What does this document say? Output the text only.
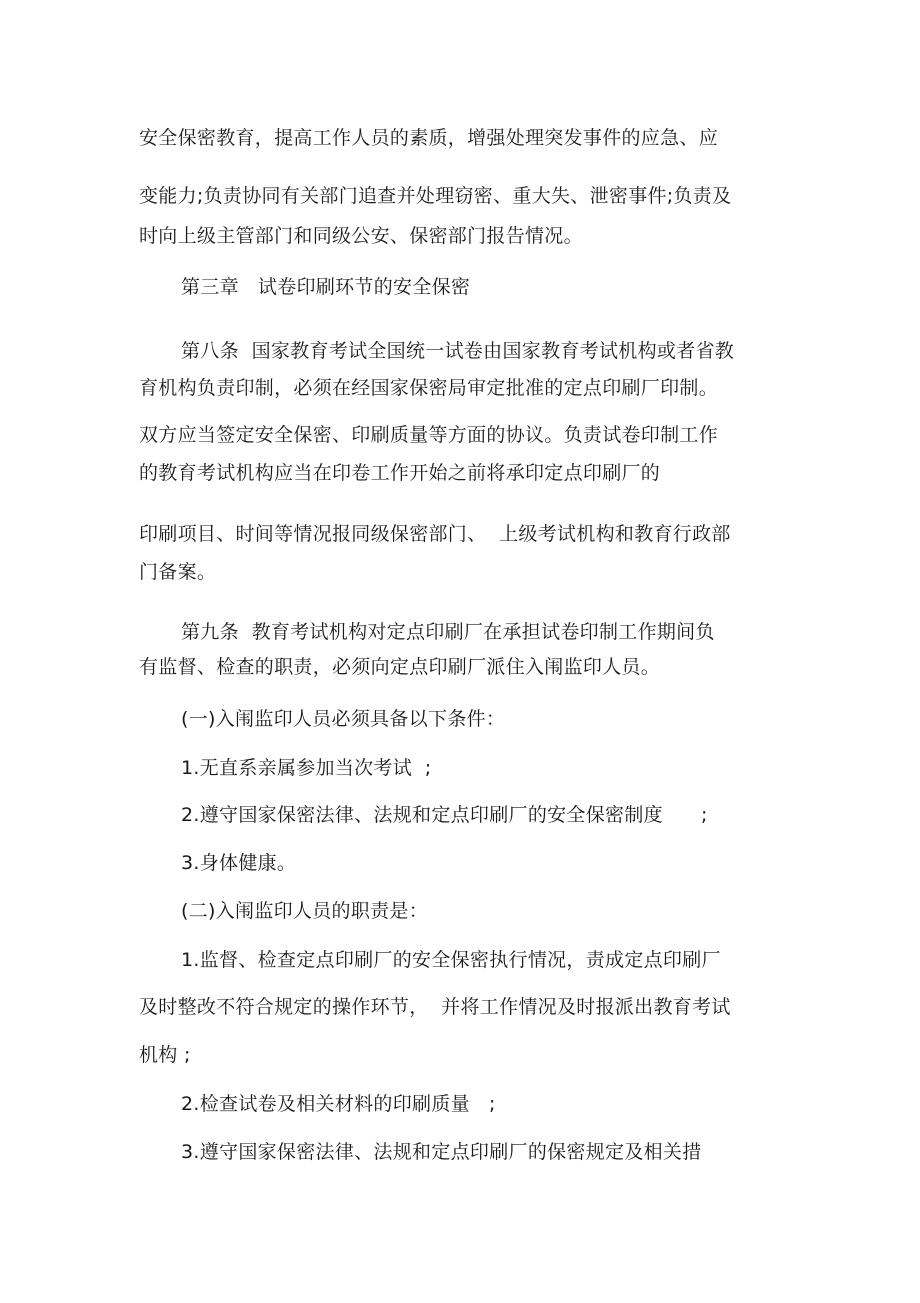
安全保密教育，提高工作人员的素质，增强处理突发事件的应急、应
变能力;负责协同有关部门追查并处理窃密、重大失、泄密事件;负责及
时向上级主管部门和同级公安、保密部门报告情况。
第三章   试卷印刷环节的安全保密
第八条  国家教育考试全国统一试卷由国家教育考试机构或者省教
育机构负责印制，必须在经国家保密局审定批准的定点印刷厂印制。
双方应当签定安全保密、印刷质量等方面的协议。负责试卷印制工作
的教育考试机构应当在印卷工作开始之前将承印定点印刷厂的
印刷项目、时间等情况报同级保密部门、  上级考试机构和教育行政部
门备案。
第九条  教育考试机构对定点印刷厂在承担试卷印制工作期间负
有监督、检查的职责，必须向定点印刷厂派住入闱监印人员。
(一)入闱监印人员必须具备以下条件：
1.无直系亲属参加当次考试  ;
2.遵守国家保密法律、法规和定点印刷厂的安全保密制度      ;
3.身体健康。
(二)入闱监印人员的职责是：
1.监督、检查定点印刷厂的安全保密执行情况，责成定点印刷厂
及时整改不符合规定的操作环节，  并将工作情况及时报派出教育考试
机构 ;
2.检查试卷及相关材料的印刷质量   ;
3.遵守国家保密法律、法规和定点印刷厂的保密规定及相关措
